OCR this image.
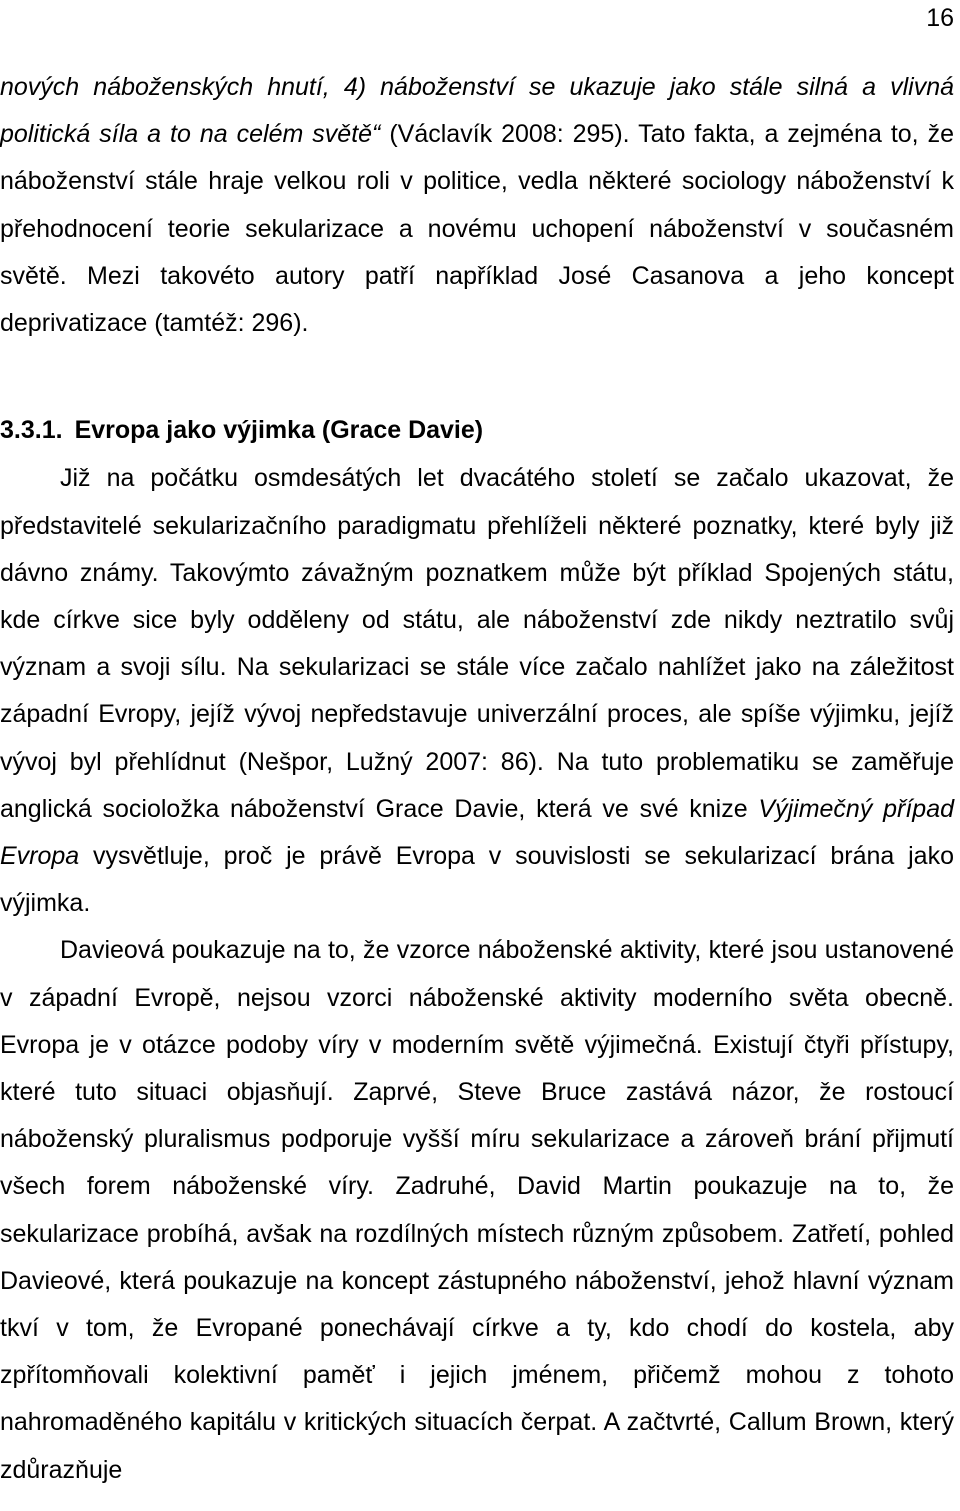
16

nových náboženských hnutí, 4) náboženství se ukazuje jako stále silná a vlivná politická síla a to na celém světě“ (Václavík 2008: 295). Tato fakta, a zejména to, že náboženství stále hraje velkou roli v politice, vedla některé sociology náboženství k přehodnocení teorie sekularizace a novému uchopení náboženství v současném světě. Mezi takovéto autory patří například José Casanova a jeho koncept deprivatizace (tamtéž: 296).

3.3.1. Evropa jako výjimka (Grace Davie)

Již na počátku osmdesátých let dvacátého století se začalo ukazovat, že představitelé sekularizačního paradigmatu přehlíželi některé poznatky, které byly již dávno známy. Takovýmto závažným poznatkem může být příklad Spojených státu, kde církve sice byly odděleny od státu, ale náboženství zde nikdy neztratilo svůj význam a svoji sílu. Na sekularizaci se stále více začalo nahlížet jako na záležitost západní Evropy, jejíž vývoj nepředstavuje univerzální proces, ale spíše výjimku, jejíž vývoj byl přehlídnut (Nešpor, Lužný 2007: 86). Na tuto problematiku se zaměřuje anglická socioložka náboženství Grace Davie, která ve své knize Výjimečný případ Evropa vysvětluje, proč je právě Evropa v souvislosti se sekularizací brána jako výjimka.

Davieová poukazuje na to, že vzorce náboženské aktivity, které jsou ustanovené v západní Evropě, nejsou vzorci náboženské aktivity moderního světa obecně. Evropa je v otázce podoby víry v moderním světě výjimečná. Existují čtyři přístupy, které tuto situaci objasňují. Zaprvé, Steve Bruce zastává názor, že rostoucí náboženský pluralismus podporuje vyšší míru sekularizace a zároveň brání přijmutí všech forem náboženské víry. Zadruhé, David Martin poukazuje na to, že sekularizace probíhá, avšak na rozdílných místech různým způsobem. Zatřetí, pohled Davieové, která poukazuje na koncept zástupného náboženství, jehož hlavní význam tkví v tom, že Evropané ponechávají církve a ty, kdo chodí do kostela, aby zpřítomňovali kolektivní paměť i jejich jménem, přičemž mohou z tohoto nahromaděného kapitálu v kritických situacích čerpat. A začtvrté, Callum Brown, který zdůrazňuje
